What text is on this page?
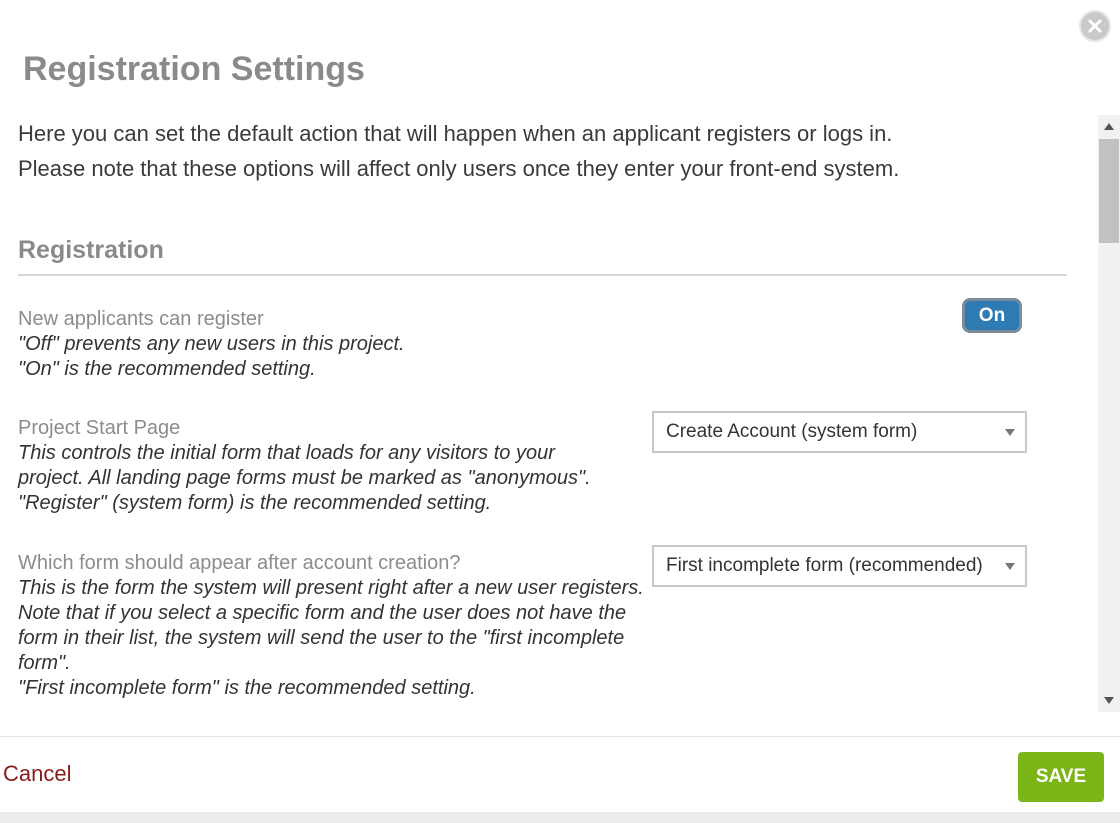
Registration Settings
Here you can set the default action that will happen when an applicant registers or logs in.
Please note that these options will affect only users once they enter your front-end system.
Registration
New applicants can register
"Off" prevents any new users in this project.
"On" is the recommended setting.
On
Project Start Page
This controls the initial form that loads for any visitors to your project. All landing page forms must be marked as "anonymous".
"Register" (system form) is the recommended setting.
Create Account (system form)
Which form should appear after account creation?
This is the form the system will present right after a new user registers.
Note that if you select a specific form and the user does not have the form in their list, the system will send the user to the "first incomplete form".
"First incomplete form" is the recommended setting.
First incomplete form (recommended)
Cancel	SAVE
